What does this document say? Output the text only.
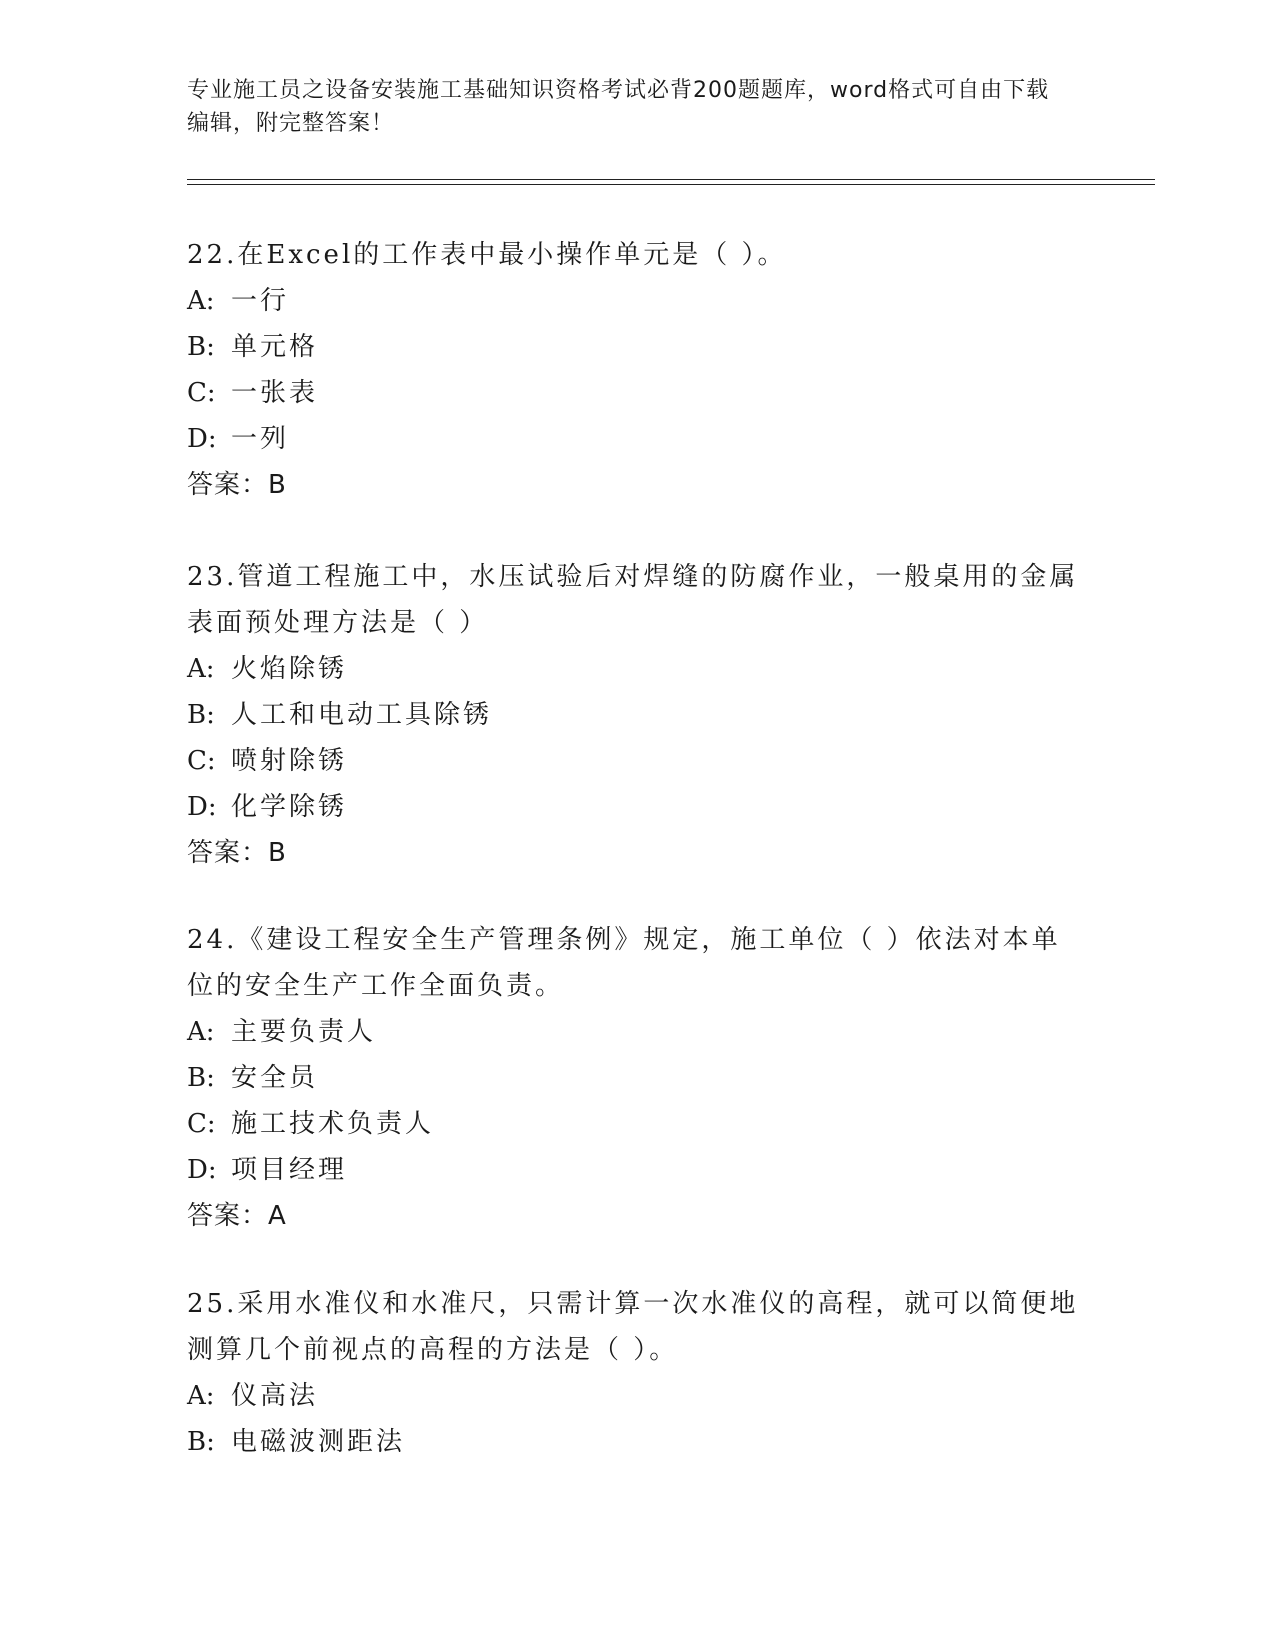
专业施工员之设备安装施工基础知识资格考试必背200题题库，word格式可自由下载编辑，附完整答案！

22.在Excel的工作表中最小操作单元是（ ）。

A: 一行

B: 单元格

C: 一张表

D: 一列

答案：B

23.管道工程施工中，水压试验后对焊缝的防腐作业，一般桌用的金属表面预处理方法是（ ）

A: 火焰除锈

B: 人工和电动工具除锈

C: 喷射除锈

D: 化学除锈

答案：B

24.《建设工程安全生产管理条例》规定，施工单位（ ）依法对本单位的安全生产工作全面负责。

A: 主要负责人

B: 安全员

C: 施工技术负责人

D: 项目经理

答案：A

25.采用水准仪和水准尺，只需计算一次水准仪的高程，就可以简便地测算几个前视点的高程的方法是（ ）。

A: 仪高法

B: 电磁波测距法
